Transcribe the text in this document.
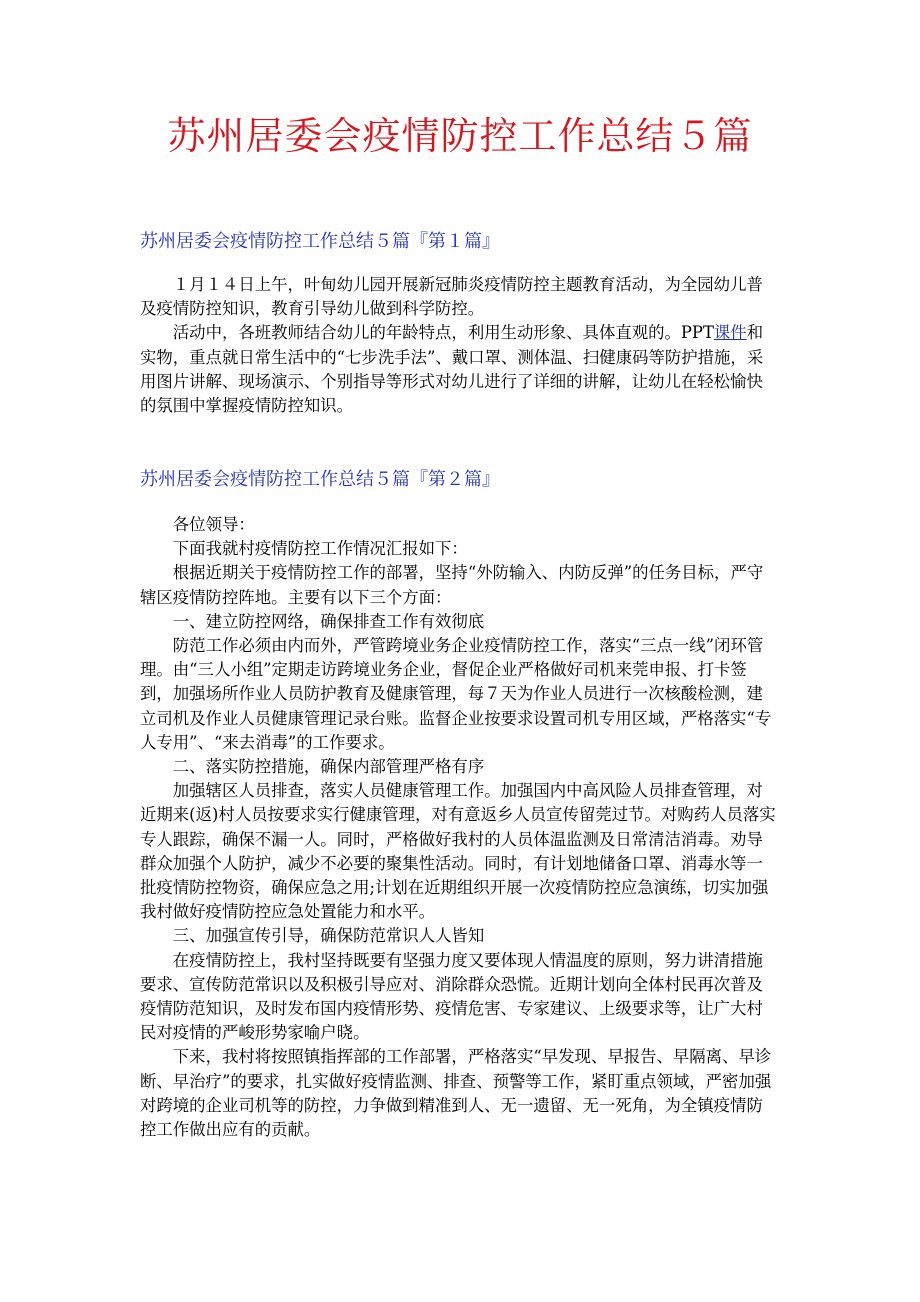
苏州居委会疫情防控工作总结５篇
苏州居委会疫情防控工作总结５篇『第１篇』

１月１４日上午，叶甸幼儿园开展新冠肺炎疫情防控主题教育活动，为全园幼儿普及疫情防控知识，教育引导幼儿做到科学防控。

活动中，各班教师结合幼儿的年龄特点，利用生动形象、具体直观的。PPT课件和实物，重点就日常生活中的“七步洗手法”、戴口罩、测体温、扫健康码等防护措施，采用图片讲解、现场演示、个别指导等形式对幼儿进行了详细的讲解，让幼儿在轻松愉快的氛围中掌握疫情防控知识。

苏州居委会疫情防控工作总结５篇『第２篇』

各位领导：

下面我就村疫情防控工作情况汇报如下：

根据近期关于疫情防控工作的部署，坚持“外防输入、内防反弹”的任务目标，严守辖区疫情防控阵地。主要有以下三个方面：

一、建立防控网络，确保排查工作有效彻底

防范工作必须由内而外，严管跨境业务企业疫情防控工作，落实“三点一线”闭环管理。由“三人小组”定期走访跨境业务企业，督促企业严格做好司机来莞申报、打卡签到，加强场所作业人员防护教育及健康管理，每７天为作业人员进行一次核酸检测，建立司机及作业人员健康管理记录台账。监督企业按要求设置司机专用区域，严格落实“专人专用”、“来去消毒”的工作要求。

二、落实防控措施，确保内部管理严格有序

加强辖区人员排查，落实人员健康管理工作。加强国内中高风险人员排查管理，对近期来(返)村人员按要求实行健康管理，对有意返乡人员宣传留莞过节。对购药人员落实专人跟踪，确保不漏一人。同时，严格做好我村的人员体温监测及日常清洁消毒。劝导群众加强个人防护，减少不必要的聚集性活动。同时，有计划地储备口罩、消毒水等一批疫情防控物资，确保应急之用;计划在近期组织开展一次疫情防控应急演练，切实加强我村做好疫情防控应急处置能力和水平。

三、加强宣传引导，确保防范常识人人皆知

在疫情防控上，我村坚持既要有坚强力度又要体现人情温度的原则，努力讲清措施要求、宣传防范常识以及积极引导应对、消除群众恐慌。近期计划向全体村民再次普及疫情防范知识，及时发布国内疫情形势、疫情危害、专家建议、上级要求等，让广大村民对疫情的严峻形势家喻户晓。

下来，我村将按照镇指挥部的工作部署，严格落实“早发现、早报告、早隔离、早诊断、早治疗”的要求，扎实做好疫情监测、排查、预警等工作，紧盯重点领域，严密加强对跨境的企业司机等的防控，力争做到精准到人、无一遗留、无一死角，为全镇疫情防控工作做出应有的贡献。
